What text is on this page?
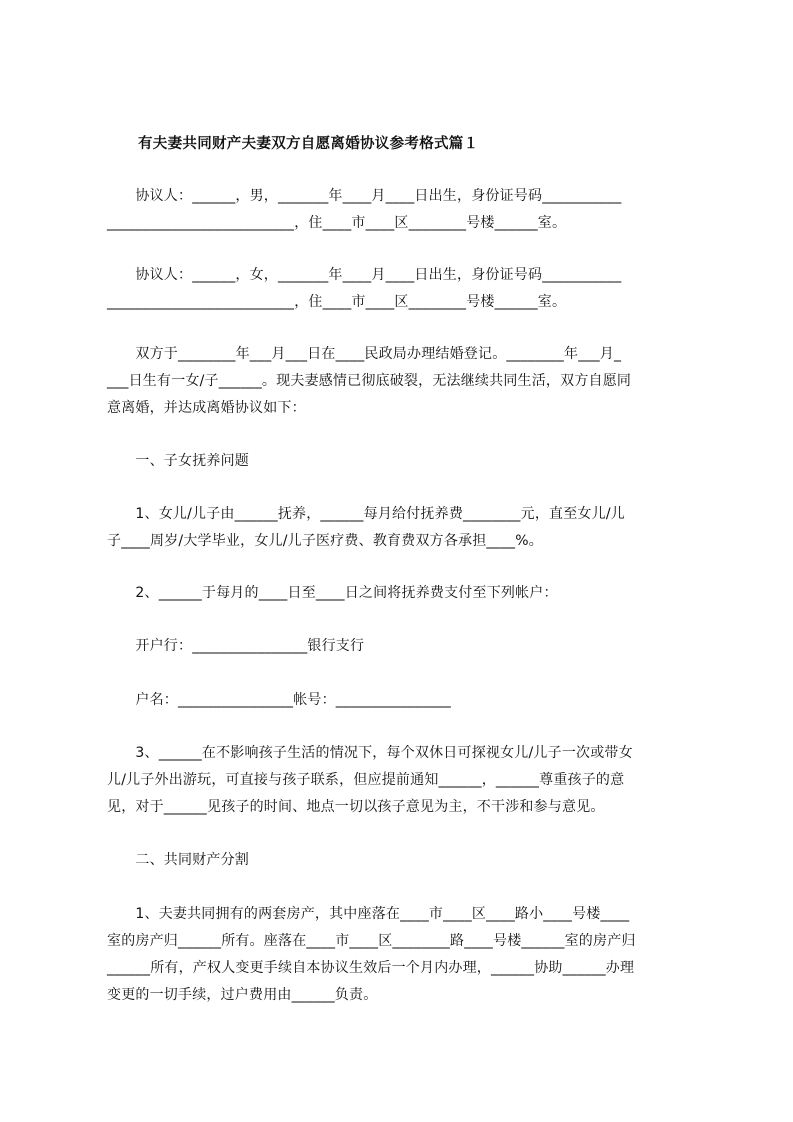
有夫妻共同财产夫妻双方自愿离婚协议参考格式篇１
　　协议人：______，男，_______年____月____日出生，身份证号码___________
__________________________，住____市____区________号楼______室。
　　协议人：______，女，_______年____月____日出生，身份证号码___________
__________________________，住____市____区________号楼______室。
　　双方于________年___月___日在____民政局办理结婚登记。________年___月_
___日生有一女/子______。现夫妻感情已彻底破裂，无法继续共同生活，双方自愿同
意离婚，并达成离婚协议如下：
　　一、子女抚养问题
　　1、女儿/儿子由______抚养，______每月给付抚养费________元，直至女儿/儿
子____周岁/大学毕业，女儿/儿子医疗费、教育费双方各承担____%。
　　2、______于每月的____日至____日之间将抚养费支付至下列帐户：
　　开户行：________________银行支行
　　户名：________________帐号：________________
　　3、______在不影响孩子生活的情况下，每个双休日可探视女儿/儿子一次或带女
儿/儿子外出游玩，可直接与孩子联系，但应提前通知______，______尊重孩子的意
见，对于______见孩子的时间、地点一切以孩子意见为主，不干涉和参与意见。
　　二、共同财产分割
　　1、夫妻共同拥有的两套房产，其中座落在____市____区____路小____号楼____
室的房产归______所有。座落在____市____区________路____号楼______室的房产归
______所有，产权人变更手续自本协议生效后一个月内办理，______协助______办理
变更的一切手续，过户费用由______负责。
